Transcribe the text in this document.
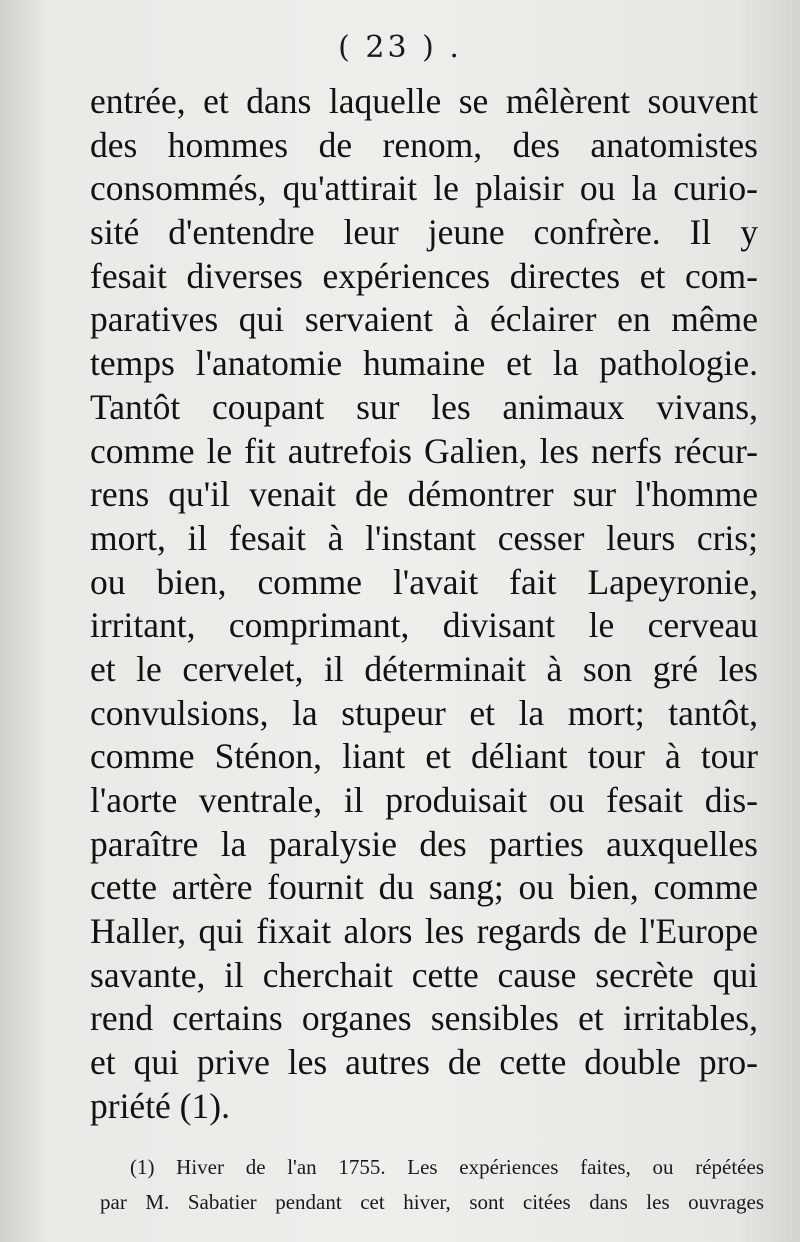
( 23 ) .
entrée, et dans laquelle se mêlèrent souvent
des hommes de renom, des anatomistes
consommés, qu'attirait le plaisir ou la curio-
sité d'entendre leur jeune confrère. Il y
fesait diverses expériences directes et com-
paratives qui servaient à éclairer en même
temps l'anatomie humaine et la pathologie.
Tantôt coupant sur les animaux vivans,
comme le fit autrefois Galien, les nerfs récur-
rens qu'il venait de démontrer sur l'homme
mort, il fesait à l'instant cesser leurs cris;
ou bien, comme l'avait fait Lapeyronie,
irritant, comprimant, divisant le cerveau
et le cervelet, il déterminait à son gré les
convulsions, la stupeur et la mort; tantôt,
comme Sténon, liant et déliant tour à tour
l'aorte ventrale, il produisait ou fesait dis-
paraître la paralysie des parties auxquelles
cette artère fournit du sang; ou bien, comme
Haller, qui fixait alors les regards de l'Europe
savante, il cherchait cette cause secrète qui
rend certains organes sensibles et irritables,
et qui prive les autres de cette double pro-
priété (1).
(1) Hiver de l'an 1755. Les expériences faites, ou répétées
par M. Sabatier pendant cet hiver, sont citées dans les ouvrages
